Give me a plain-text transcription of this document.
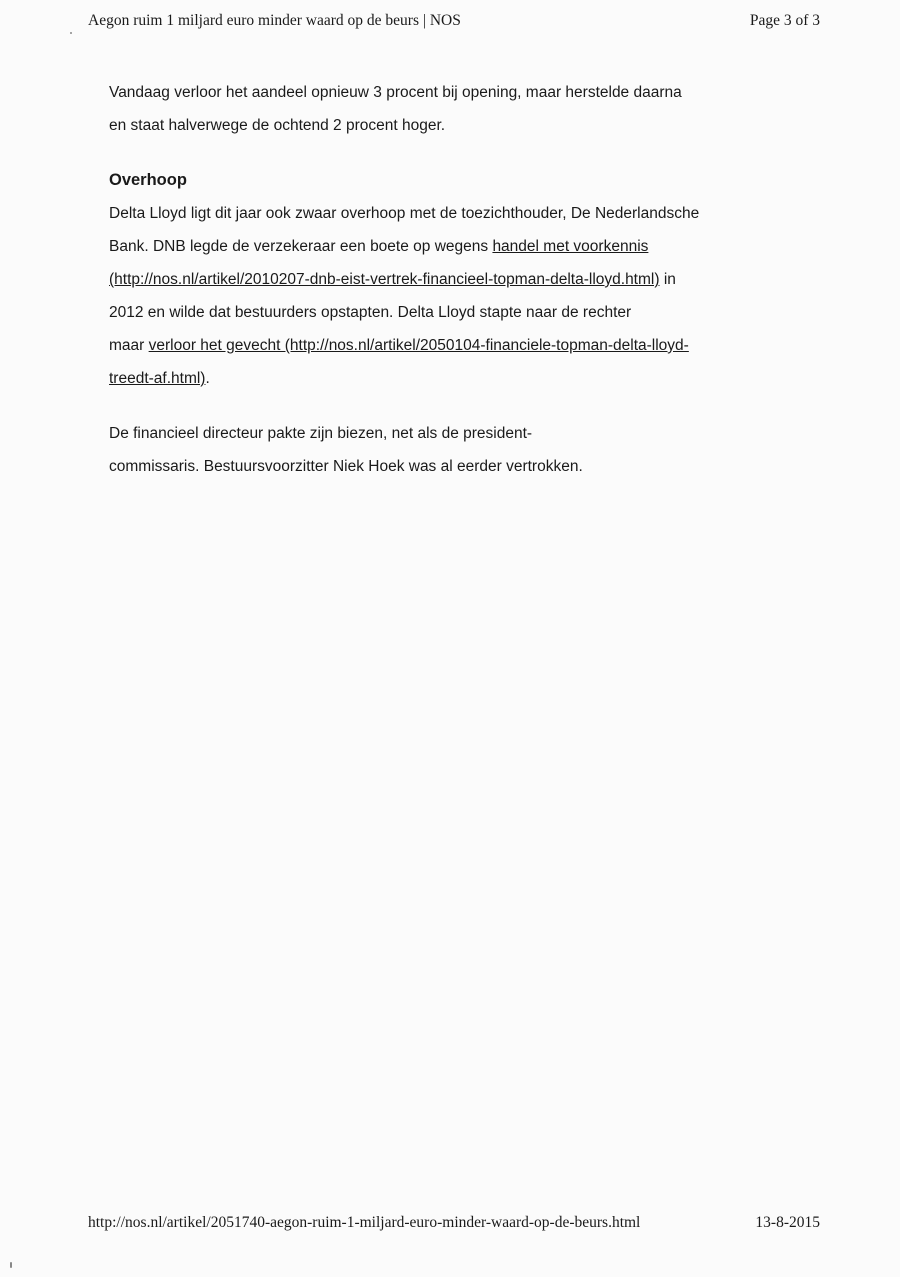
Aegon ruim 1 miljard euro minder waard op de beurs | NOS	Page 3 of 3

Vandaag verloor het aandeel opnieuw 3 procent bij opening, maar herstelde daarna

en staat halverwege de ochtend 2 procent hoger.

Overhoop

Delta Lloyd ligt dit jaar ook zwaar overhoop met de toezichthouder, De Nederlandsche

Bank. DNB legde de verzekeraar een boete op wegens handel met voorkennis

(http://nos.nl/artikel/2010207-dnb-eist-vertrek-financieel-topman-delta-lloyd.html) in

2012 en wilde dat bestuurders opstapten. Delta Lloyd stapte naar de rechter

maar verloor het gevecht (http://nos.nl/artikel/2050104-financiele-topman-delta-lloyd-

treedt-af.html).

De financieel directeur pakte zijn biezen, net als de president-

commissaris. Bestuursvoorzitter Niek Hoek was al eerder vertrokken.

http://nos.nl/artikel/2051740-aegon-ruim-1-miljard-euro-minder-waard-op-de-beurs.html	13-8-2015
